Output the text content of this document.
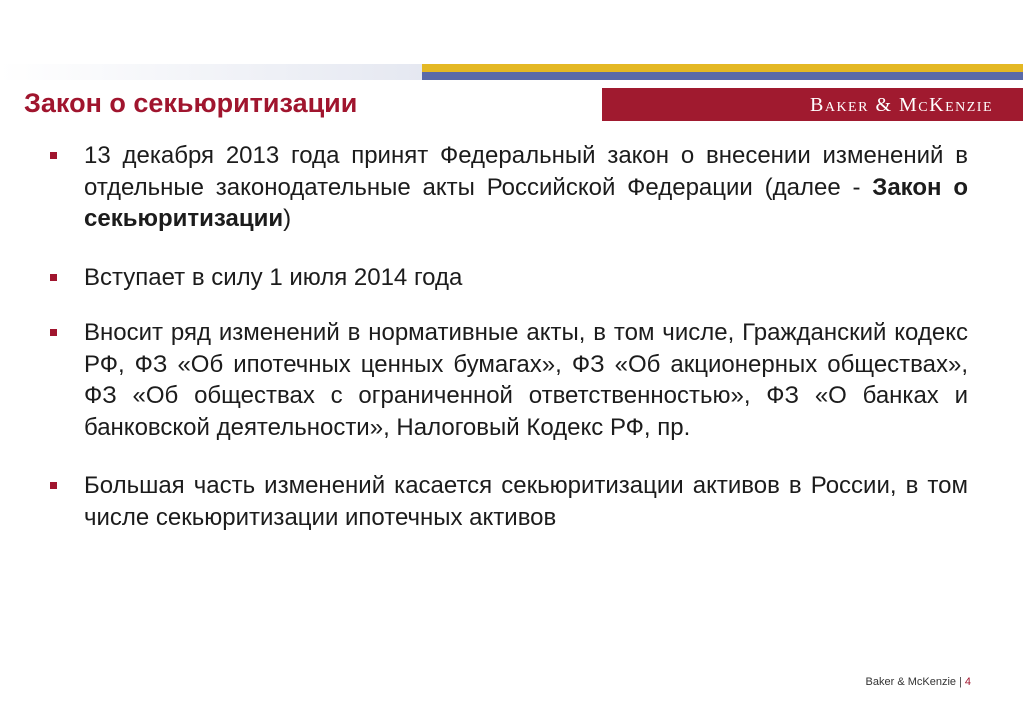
Закон о секьюритизации	Baker & McKenzie
13 декабря 2013 года принят Федеральный закон о внесении изменений в отдельные законодательные акты Российской Федерации (далее - Закон о секьюритизации)
Вступает в силу 1 июля 2014 года
Вносит ряд изменений в нормативные акты, в том числе, Гражданский кодекс РФ, ФЗ «Об ипотечных ценных бумагах», ФЗ «Об акционерных обществах», ФЗ «Об обществах с ограниченной ответственностью», ФЗ «О банках и банковской деятельности», Налоговый Кодекс РФ, пр.
Большая часть изменений касается секьюритизации активов в России, в том числе секьюритизации ипотечных активов
Baker & McKenzie | 4
